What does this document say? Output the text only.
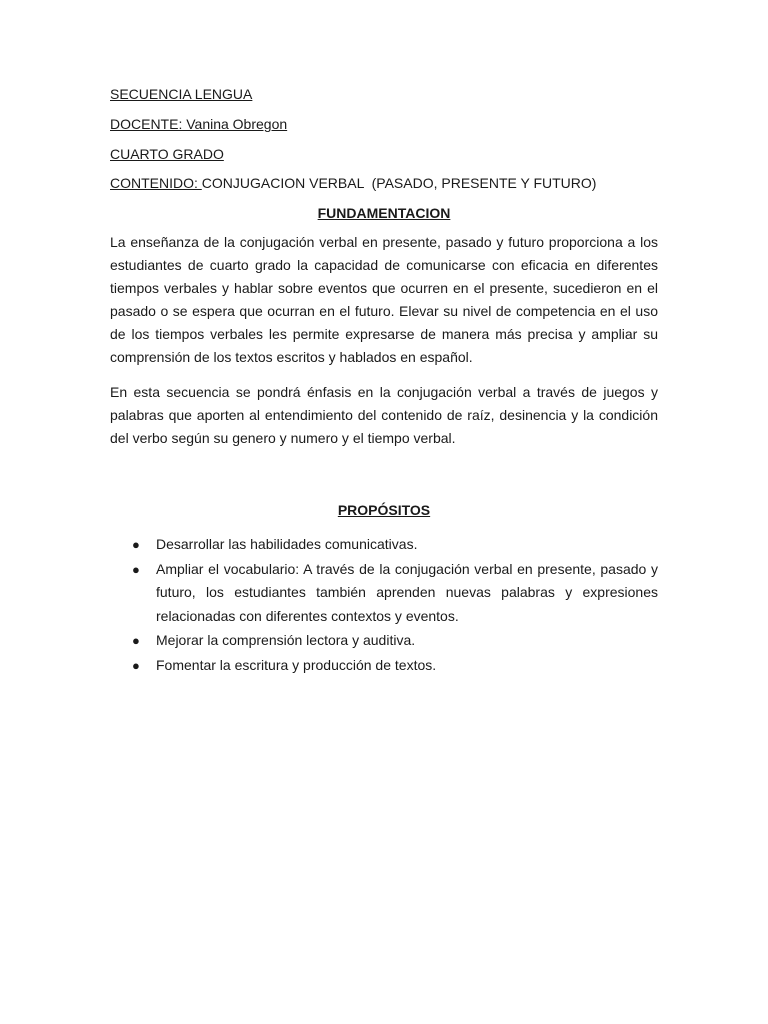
SECUENCIA LENGUA

DOCENTE: Vanina Obregon

CUARTO GRADO

CONTENIDO: CONJUGACION VERBAL  (PASADO, PRESENTE Y FUTURO)

FUNDAMENTACION

La enseñanza de la conjugación verbal en presente, pasado y futuro proporciona a los estudiantes de cuarto grado la capacidad de comunicarse con eficacia en diferentes tiempos verbales y hablar sobre eventos que ocurren en el presente, sucedieron en el pasado o se espera que ocurran en el futuro. Elevar su nivel de competencia en el uso de los tiempos verbales les permite expresarse de manera más precisa y ampliar su comprensión de los textos escritos y hablados en español.

En esta secuencia se pondrá énfasis en la conjugación verbal a través de juegos y palabras que aporten al entendimiento del contenido de raíz, desinencia y la condición del verbo según su genero y numero y el tiempo verbal.

PROPÓSITOS

● Desarrollar las habilidades comunicativas.
● Ampliar el vocabulario: A través de la conjugación verbal en presente, pasado y futuro, los estudiantes también aprenden nuevas palabras y expresiones relacionadas con diferentes contextos y eventos.
● Mejorar la comprensión lectora y auditiva.
● Fomentar la escritura y producción de textos.
